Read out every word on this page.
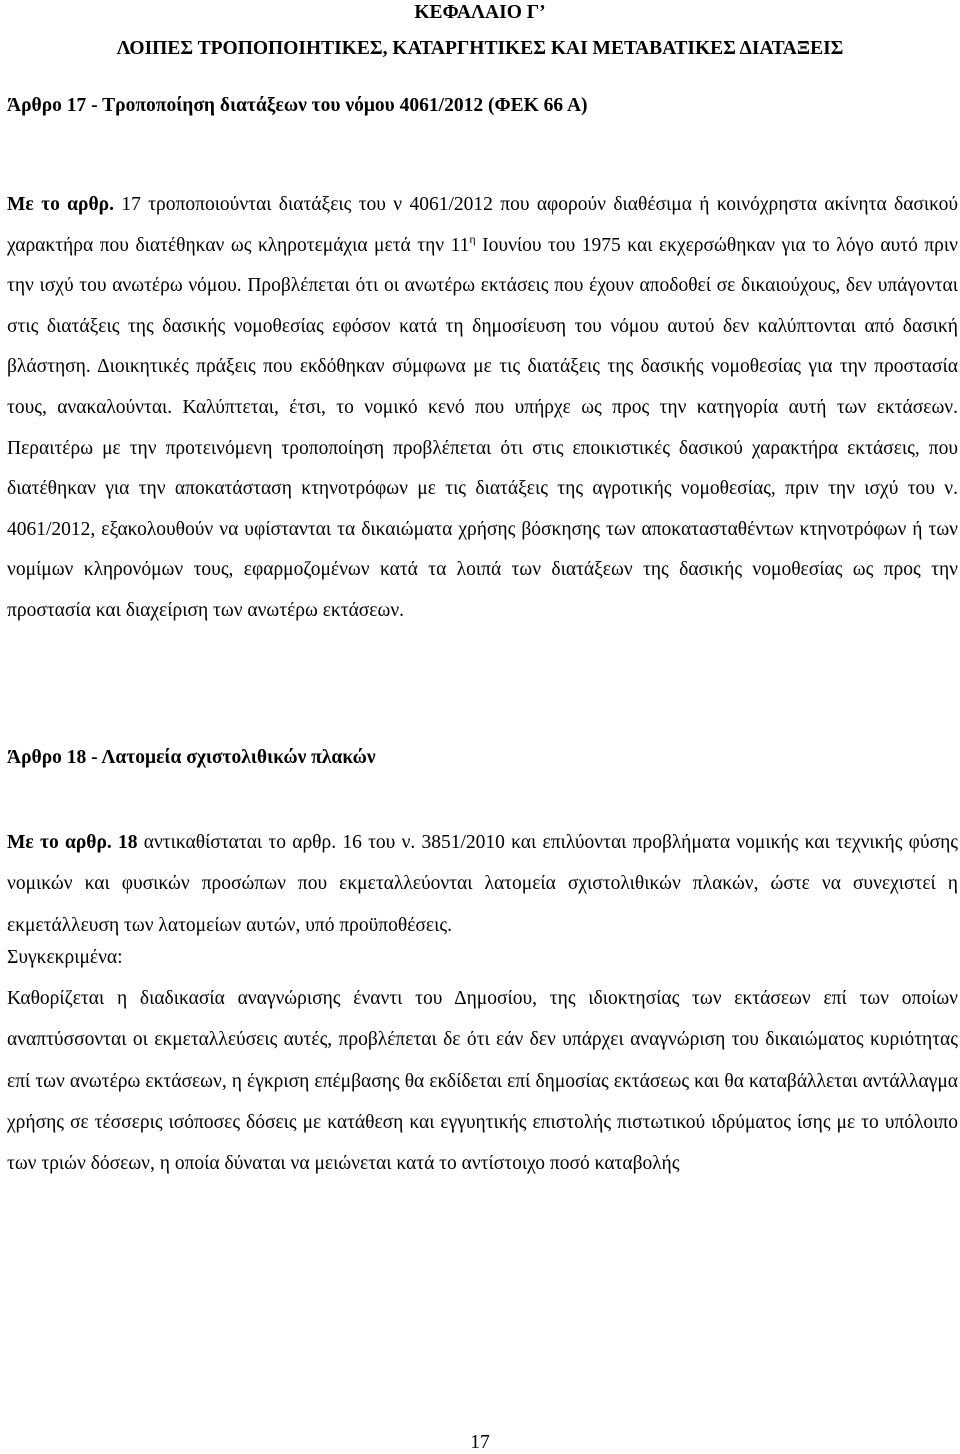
ΚΕΦΑΛΑΙΟ Γ’
ΛΟΙΠΕΣ ΤΡΟΠΟΠΟΙΗΤΙΚΕΣ, ΚΑΤΑΡΓΗΤΙΚΕΣ ΚΑΙ ΜΕΤΑΒΑΤΙΚΕΣ ΔΙΑΤΑΞΕΙΣ
Άρθρο 17 - Τροποποίηση διατάξεων του νόμου 4061/2012 (ΦΕΚ 66 Α)
Με το αρθρ. 17 τροποποιούνται διατάξεις του ν 4061/2012 που αφορούν διαθέσιμα ή κοινόχρηστα ακίνητα δασικού χαρακτήρα που διατέθηκαν ως κληροτεμάχια μετά την $11^\eta$ Ιουνίου του 1975 και εκχερσώθηκαν για το λόγο αυτό πριν την ισχύ του ανωτέρω νόμου. Προβλέπεται ότι οι ανωτέρω εκτάσεις που έχουν αποδοθεί σε δικαιούχους, δεν υπάγονται στις διατάξεις της δασικής νομοθεσίας εφόσον κατά τη δημοσίευση του νόμου αυτού δεν καλύπτονται από δασική βλάστηση. Διοικητικές πράξεις που εκδόθηκαν σύμφωνα με τις διατάξεις της δασικής νομοθεσίας για την προστασία τους, ανακαλούνται. Καλύπτεται, έτσι, το νομικό κενό που υπήρχε ως προς την κατηγορία αυτή των εκτάσεων. Περαιτέρω με την προτεινόμενη τροποποίηση προβλέπεται ότι στις εποικιστικές δασικού χαρακτήρα εκτάσεις, που διατέθηκαν για την αποκατάσταση κτηνοτρόφων με τις διατάξεις της αγροτικής νομοθεσίας, πριν την ισχύ του ν. 4061/2012, εξακολουθούν να υφίστανται τα δικαιώματα χρήσης βόσκησης των αποκατασταθέντων κτηνοτρόφων ή των νομίμων κληρονόμων τους, εφαρμοζομένων κατά τα λοιπά των διατάξεων της δασικής νομοθεσίας ως προς την προστασία και διαχείριση των ανωτέρω εκτάσεων.
Άρθρο 18 - Λατομεία σχιστολιθικών πλακών
Με το αρθρ. 18 αντικαθίσταται το αρθρ. 16 του ν. 3851/2010 και επιλύονται προβλήματα νομικής και τεχνικής φύσης νομικών και φυσικών προσώπων που εκμεταλλεύονται λατομεία σχιστολιθικών πλακών, ώστε να συνεχιστεί η εκμετάλλευση των λατομείων αυτών, υπό προϋποθέσεις.
Συγκεκριμένα:
Καθορίζεται η διαδικασία αναγνώρισης έναντι του Δημοσίου, της ιδιοκτησίας των εκτάσεων επί των οποίων αναπτύσσονται οι εκμεταλλεύσεις αυτές, προβλέπεται δε ότι εάν δεν υπάρχει αναγνώριση του δικαιώματος κυριότητας επί των ανωτέρω εκτάσεων, η έγκριση επέμβασης θα εκδίδεται επί δημοσίας εκτάσεως και θα καταβάλλεται αντάλλαγμα χρήσης σε τέσσερις ισόποσες δόσεις με κατάθεση και εγγυητικής επιστολής πιστωτικού ιδρύματος ίσης με το υπόλοιπο των τριών δόσεων, η οποία δύναται να μειώνεται κατά το αντίστοιχο ποσό καταβολής
17
